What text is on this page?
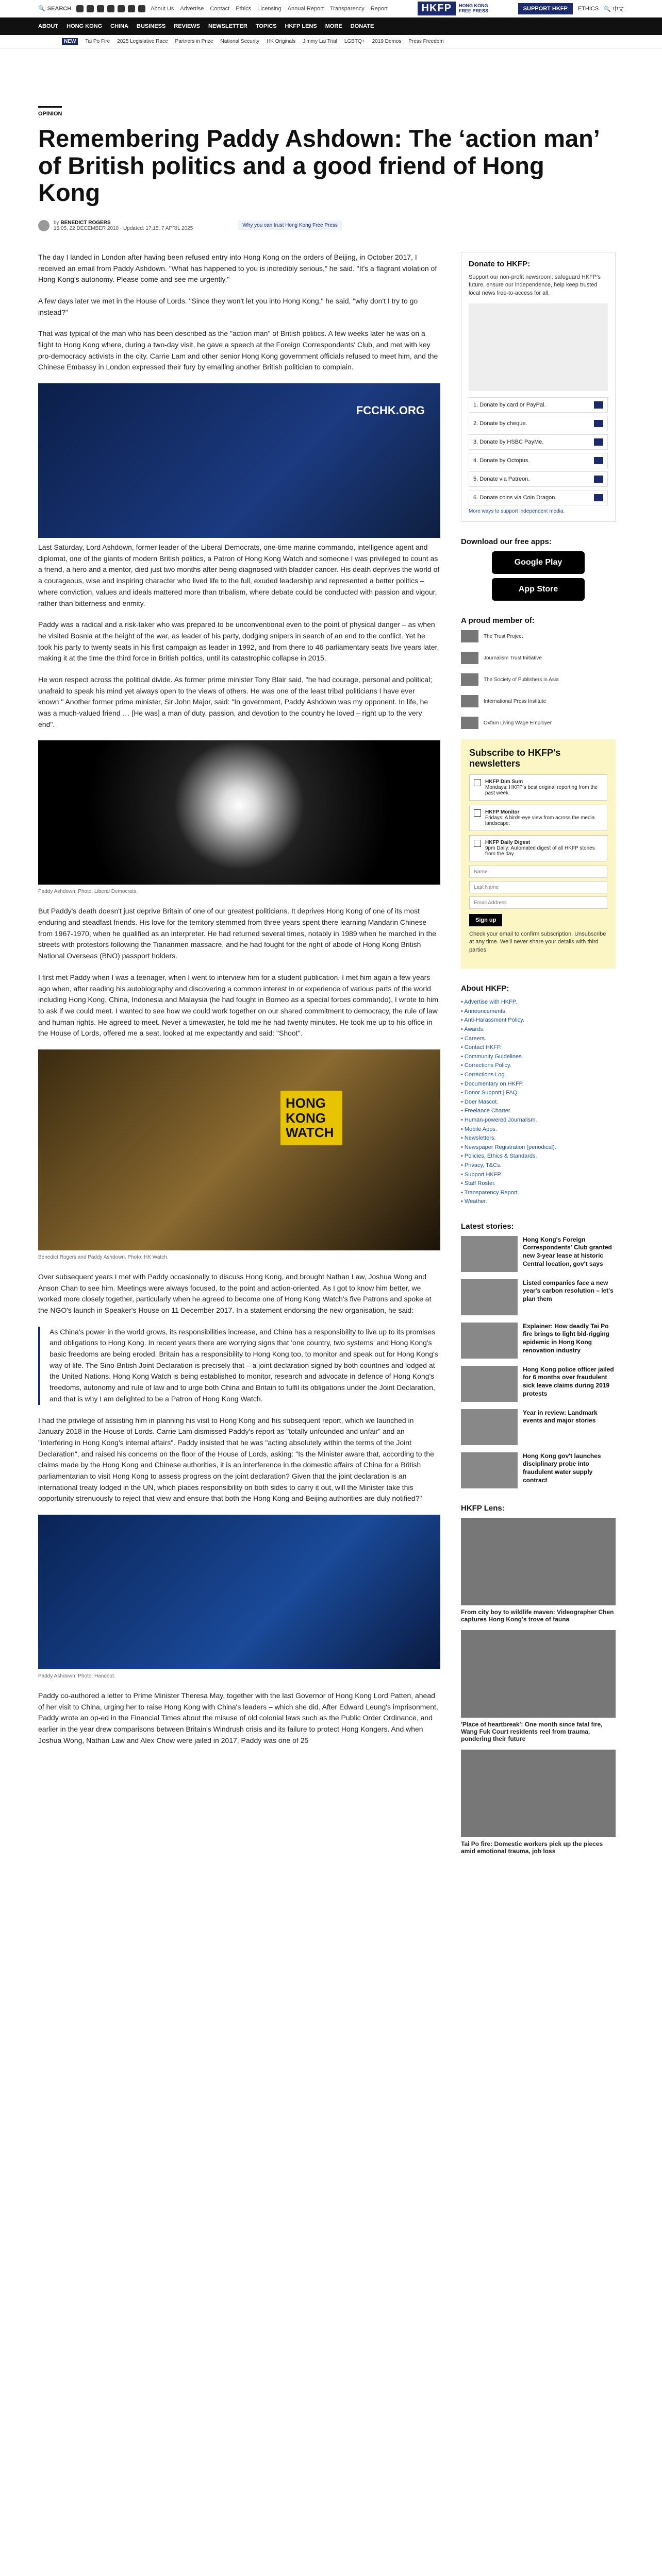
🔍 SEARCH	About Us Advertise Contact Ethics Licensing Annual Report Transparency Report	HKFP	HONG KONG
FREE PRESS	SUPPORT HKFP	ETHICS 🔍 中文
ABOUT HONG KONG CHINA BUSINESS REVIEWS NEWSLETTER TOPICS HKFP LENS MORE DONATE
NEW	Tai Po Fire 2025 Legislative Race Partners in Prize National Security HK Originals Jimmy Lai Trial LGBTQ+ 2019 Demos Press Freedom
OPINION
Remembering Paddy Ashdown: The ‘action man’ of British politics and a good friend of Hong Kong
by BENEDICT ROGERS
15:05, 22 DECEMBER 2018 · Updated: 17:15, 7 APRIL 2025	Why you can trust Hong Kong Free Press

The day I landed in London after having been refused entry into Hong Kong on the orders of Beijing, in October 2017, I received an email from Paddy Ashdown. "What has happened to you is incredibly serious," he said. "It's a flagrant violation of Hong Kong's autonomy. Please come and see me urgently."

A few days later we met in the House of Lords. "Since they won't let you into Hong Kong," he said, "why don't I try to go instead?"

That was typical of the man who has been described as the "action man" of British politics. A few weeks later he was on a flight to Hong Kong where, during a two-day visit, he gave a speech at the Foreign Correspondents' Club, and met with key pro-democracy activists in the city. Carrie Lam and other senior Hong Kong government officials refused to meet him, and the Chinese Embassy in London expressed their fury by emailing another British politician to complain.

FCCHK.ORG

Last Saturday, Lord Ashdown, former leader of the Liberal Democrats, one-time marine commando, intelligence agent and diplomat, one of the giants of modern British politics, a Patron of Hong Kong Watch and someone I was privileged to count as a friend, a hero and a mentor, died just two months after being diagnosed with bladder cancer. His death deprives the world of a courageous, wise and inspiring character who lived life to the full, exuded leadership and represented a better politics – where conviction, values and ideals mattered more than tribalism, where debate could be conducted with passion and vigour, rather than bitterness and enmity.

Paddy was a radical and a risk-taker who was prepared to be unconventional even to the point of physical danger – as when he visited Bosnia at the height of the war, as leader of his party, dodging snipers in search of an end to the conflict. Yet he took his party to twenty seats in his first campaign as leader in 1992, and from there to 46 parliamentary seats five years later, making it at the time the third force in British politics, until its catastrophic collapse in 2015.

He won respect across the political divide. As former prime minister Tony Blair said, "he had courage, personal and political; unafraid to speak his mind yet always open to the views of others. He was one of the least tribal politicians I have ever known." Another former prime minister, Sir John Major, said: "In government, Paddy Ashdown was my opponent. In life, he was a much-valued friend … [He was] a man of duty, passion, and devotion to the country he loved – right up to the very end".

Paddy Ashdown. Photo: Liberal Democrats.

But Paddy's death doesn't just deprive Britain of one of our greatest politicians. It deprives Hong Kong of one of its most enduring and steadfast friends. His love for the territory stemmed from three years spent there learning Mandarin Chinese from 1967-1970, when he qualified as an interpreter. He had returned several times, notably in 1989 when he marched in the streets with protestors following the Tiananmen massacre, and he had fought for the right of abode of Hong Kong British National Overseas (BNO) passport holders.

I first met Paddy when I was a teenager, when I went to interview him for a student publication. I met him again a few years ago when, after reading his autobiography and discovering a common interest in or experience of various parts of the world including Hong Kong, China, Indonesia and Malaysia (he had fought in Borneo as a special forces commando), I wrote to him to ask if we could meet. I wanted to see how we could work together on our shared commitment to democracy, the rule of law and human rights. He agreed to meet. Never a timewaster, he told me he had twenty minutes. He took me up to his office in the House of Lords, offered me a seat, looked at me expectantly and said: "Shoot".

HONG KONG WATCH
Benedict Rogers and Paddy Ashdown. Photo: HK Watch.

Over subsequent years I met with Paddy occasionally to discuss Hong Kong, and brought Nathan Law, Joshua Wong and Anson Chan to see him. Meetings were always focused, to the point and action-oriented. As I got to know him better, we worked more closely together, particularly when he agreed to become one of Hong Kong Watch's five Patrons and spoke at the NGO's launch in Speaker's House on 11 December 2017. In a statement endorsing the new organisation, he said:

As China's power in the world grows, its responsibilities increase, and China has a responsibility to live up to its promises and obligations to Hong Kong. In recent years there are worrying signs that 'one country, two systems' and Hong Kong's basic freedoms are being eroded. Britain has a responsibility to Hong Kong too, to monitor and speak out for Hong Kong's way of life. The Sino-British Joint Declaration is precisely that – a joint declaration signed by both countries and lodged at the United Nations. Hong Kong Watch is being established to monitor, research and advocate in defence of Hong Kong's freedoms, autonomy and rule of law and to urge both China and Britain to fulfil its obligations under the Joint Declaration, and that is why I am delighted to be a Patron of Hong Kong Watch.

I had the privilege of assisting him in planning his visit to Hong Kong and his subsequent report, which we launched in January 2018 in the House of Lords. Carrie Lam dismissed Paddy's report as "totally unfounded and unfair" and an "interfering in Hong Kong's internal affairs". Paddy insisted that he was "acting absolutely within the terms of the Joint Declaration", and raised his concerns on the floor of the House of Lords, asking: "Is the Minister aware that, according to the claims made by the Hong Kong and Chinese authorities, it is an interference in the domestic affairs of China for a British parliamentarian to visit Hong Kong to assess progress on the joint declaration? Given that the joint declaration is an international treaty lodged in the UN, which places responsibility on both sides to carry it out, will the Minister take this opportunity strenuously to reject that view and ensure that both the Hong Kong and Beijing authorities are duly notified?"

Paddy Ashdown. Photo: Handout.

Paddy co-authored a letter to Prime Minister Theresa May, together with the last Governor of Hong Kong Lord Patten, ahead of her visit to China, urging her to raise Hong Kong with China's leaders – which she did. After Edward Leung's imprisonment, Paddy wrote an op-ed in the Financial Times about the misuse of old colonial laws such as the Public Order Ordinance, and earlier in the year drew comparisons between Britain's Windrush crisis and its failure to protect Hong Kongers. And when Joshua Wong, Nathan Law and Alex Chow were jailed in 2017, Paddy was one of 25

Donate to HKFP:

Support our non-profit newsroom: safeguard HKFP's future, ensure our independence, help keep trusted local news free-to-access for all.

1. Donate by card or PayPal.
2. Donate by cheque.
3. Donate by HSBC PayMe.
4. Donate by Octopus.
5. Donate via Patreon.
6. Donate coins via Coin Dragon.
More ways to support independent media.
Download our free apps:
Google Play
App Store
A proud member of:
The Trust Project
Journalism Trust Initiative
The Society of Publishers in Asia
International Press Institute
Oxfam Living Wage Employer
Subscribe to HKFP's newsletters
HKFP Dim Sum
Mondays: HKFP's best original reporting from the past week.
HKFP Monitor
Fridays: A birds-eye view from across the media landscape.
HKFP Daily Digest
9pm Daily: Automated digest of all HKFP stories from the day.
Name Last Name Email Address Sign up

Check your email to confirm subscription. Unsubscribe at any time. We'll never share your details with third parties.

About HKFP:
• Advertise with HKFP.
• Announcements.
• Anti-Harassment Policy.
• Awards.
• Careers.
• Contact HKFP.
• Community Guidelines.
• Corrections Policy.
• Corrections Log.
• Documentary on HKFP.
• Donor Support | FAQ.
• Doer Mascot.
• Freelance Charter.
• Human-powered Journalism.
• Mobile Apps.
• Newsletters.
• Newspaper Registration (periodical).
• Policies, Ethics & Standards.
• Privacy, T&Cs.
• Support HKFP.
• Staff Roster.
• Transparency Report.
• Weather.
Latest stories:
Hong Kong's Foreign Correspondents' Club granted new 3-year lease at historic Central location, gov't says
Listed companies face a new year's carbon resolution – let's plan them
Explainer: How deadly Tai Po fire brings to light bid-rigging epidemic in Hong Kong renovation industry
Hong Kong police officer jailed for 6 months over fraudulent sick leave claims during 2019 protests
Year in review: Landmark events and major stories
Hong Kong gov't launches disciplinary probe into fraudulent water supply contract
HKFP Lens:
From city boy to wildlife maven: Videographer Chen captures Hong Kong's trove of fauna
'Place of heartbreak': One month since fatal fire, Wang Fuk Court residents reel from trauma, pondering their future
Tai Po fire: Domestic workers pick up the pieces amid emotional trauma, job loss
